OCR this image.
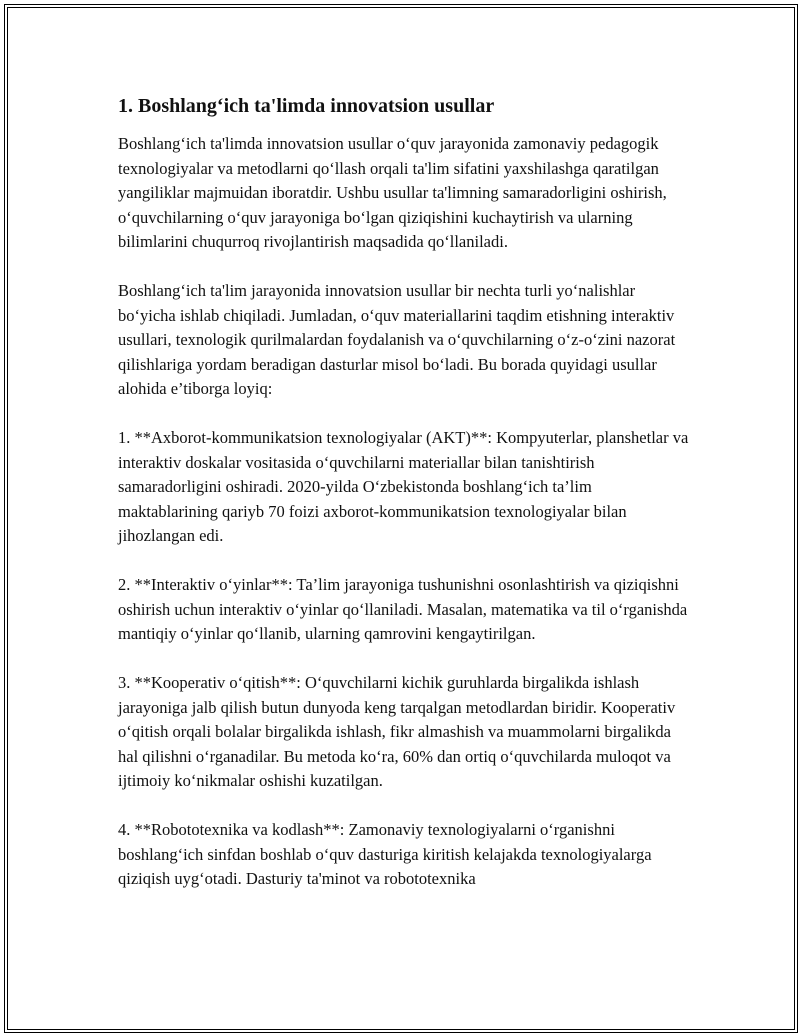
1. Boshlang‘ich ta'limda innovatsion usullar

Boshlang‘ich ta'limda innovatsion usullar o‘quv jarayonida zamonaviy pedagogik texnologiyalar va metodlarni qo‘llash orqali ta'lim sifatini yaxshilashga qaratilgan yangiliklar majmuidan iboratdir. Ushbu usullar ta'limning samaradorligini oshirish, o‘quvchilarning o‘quv jarayoniga bo‘lgan qiziqishini kuchaytirish va ularning bilimlarini chuqurroq rivojlantirish maqsadida qo‘llaniladi.

Boshlang‘ich ta'lim jarayonida innovatsion usullar bir nechta turli yo‘nalishlar bo‘yicha ishlab chiqiladi. Jumladan, o‘quv materiallarini taqdim etishning interaktiv usullari, texnologik qurilmalardan foydalanish va o‘quvchilarning o‘z-o‘zini nazorat qilishlariga yordam beradigan dasturlar misol bo‘ladi. Bu borada quyidagi usullar alohida e’tiborga loyiq:

1. **Axborot-kommunikatsion texnologiyalar (AKT)**: Kompyuterlar, planshetlar va interaktiv doskalar vositasida o‘quvchilarni materiallar bilan tanishtirish samaradorligini oshiradi. 2020-yilda O‘zbekistonda boshlang‘ich ta’lim maktablarining qariyb 70 foizi axborot-kommunikatsion texnologiyalar bilan jihozlangan edi.

2. **Interaktiv o‘yinlar**: Ta’lim jarayoniga tushunishni osonlashtirish va qiziqishni oshirish uchun interaktiv o‘yinlar qo‘llaniladi. Masalan, matematika va til o‘rganishda mantiqiy o‘yinlar qo‘llanib, ularning qamrovini kengaytirilgan.

3. **Kooperativ o‘qitish**: O‘quvchilarni kichik guruhlarda birgalikda ishlash jarayoniga jalb qilish butun dunyoda keng tarqalgan metodlardan biridir. Kooperativ o‘qitish orqali bolalar birgalikda ishlash, fikr almashish va muammolarni birgalikda hal qilishni o‘rganadilar. Bu metoda ko‘ra, 60% dan ortiq o‘quvchilarda muloqot va ijtimoiy ko‘nikmalar oshishi kuzatilgan.

4. **Robototexnika va kodlash**: Zamonaviy texnologiyalarni o‘rganishni boshlang‘ich sinfdan boshlab o‘quv dasturiga kiritish kelajakda texnologiyalarga qiziqish uyg‘otadi. Dasturiy ta'minot va robototexnika
